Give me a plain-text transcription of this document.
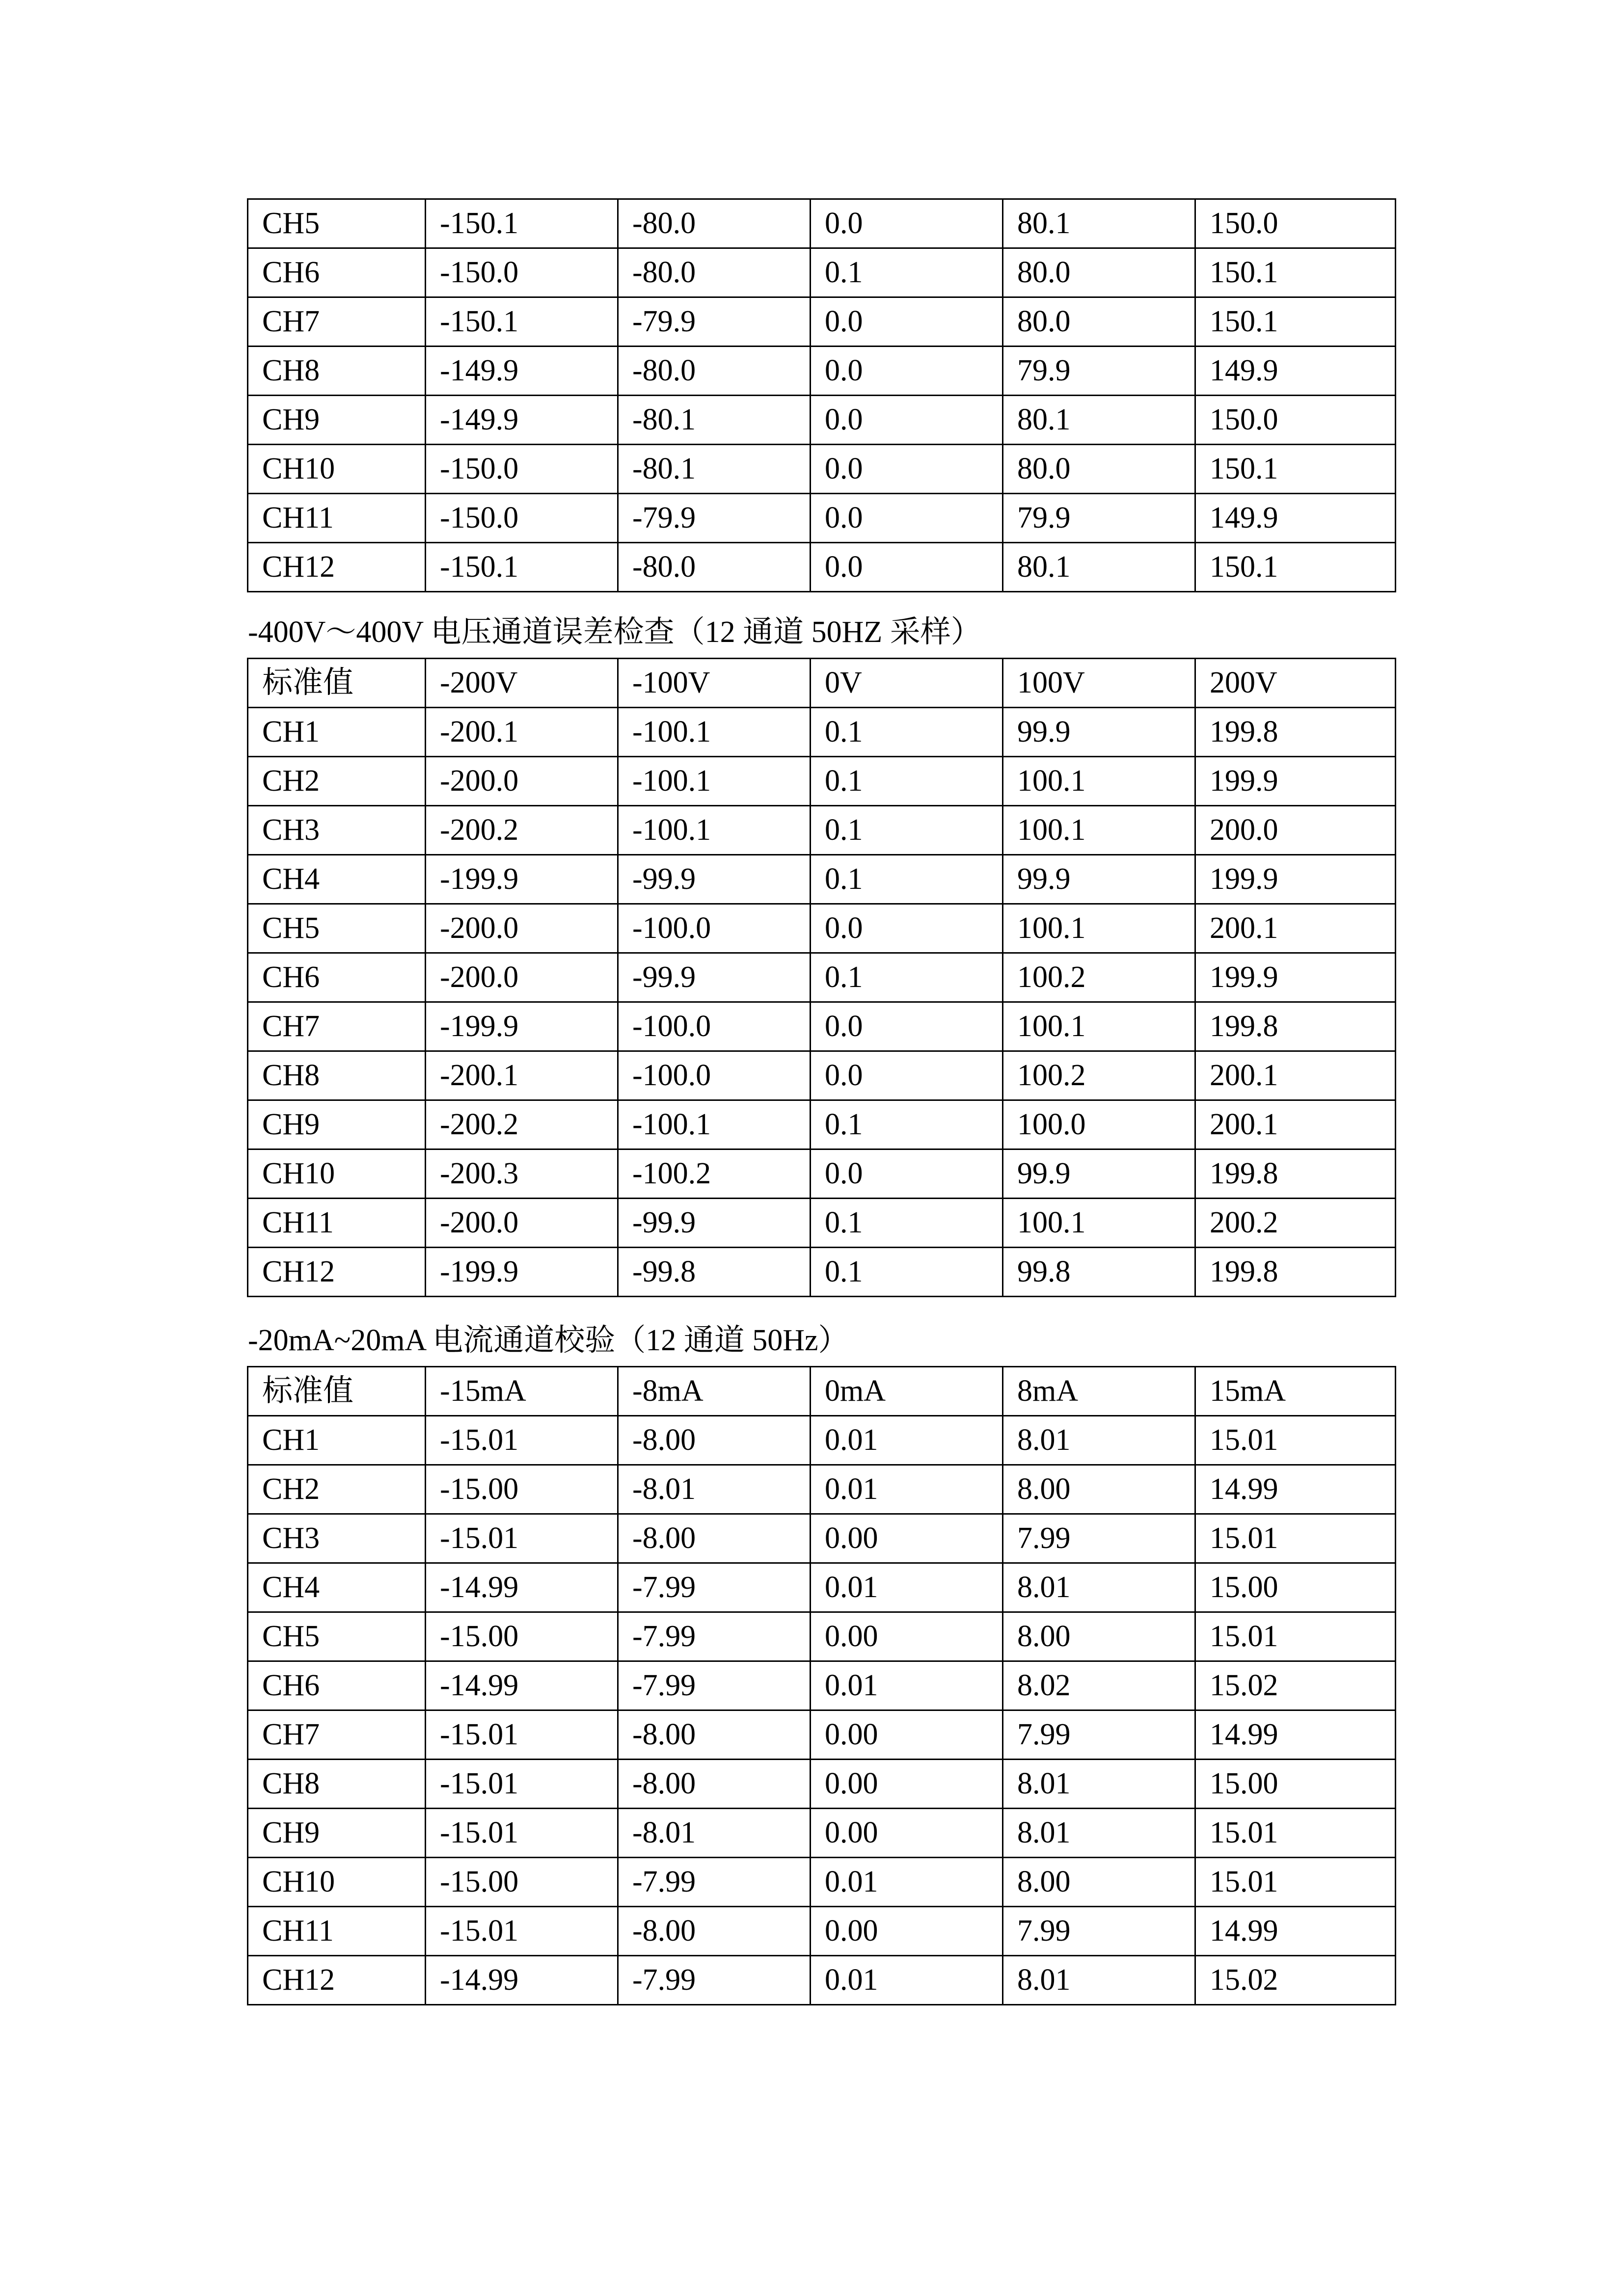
CH5	-150.1	-80.0	0.0	80.1	150.0
CH6	-150.0	-80.0	0.1	80.0	150.1
CH7	-150.1	-79.9	0.0	80.0	150.1
CH8	-149.9	-80.0	0.0	79.9	149.9
CH9	-149.9	-80.1	0.0	80.1	150.0
CH10	-150.0	-80.1	0.0	80.0	150.1
CH11	-150.0	-79.9	0.0	79.9	149.9
CH12	-150.1	-80.0	0.0	80.1	150.1
-400V～400V 电压通道误差检查（12 通道 50HZ 采样）
标准值	-200V	-100V	0V	100V	200V
CH1	-200.1	-100.1	0.1	99.9	199.8
CH2	-200.0	-100.1	0.1	100.1	199.9
CH3	-200.2	-100.1	0.1	100.1	200.0
CH4	-199.9	-99.9	0.1	99.9	199.9
CH5	-200.0	-100.0	0.0	100.1	200.1
CH6	-200.0	-99.9	0.1	100.2	199.9
CH7	-199.9	-100.0	0.0	100.1	199.8
CH8	-200.1	-100.0	0.0	100.2	200.1
CH9	-200.2	-100.1	0.1	100.0	200.1
CH10	-200.3	-100.2	0.0	99.9	199.8
CH11	-200.0	-99.9	0.1	100.1	200.2
CH12	-199.9	-99.8	0.1	99.8	199.8
-20mA~20mA 电流通道校验（12 通道 50Hz）
标准值	-15mA	-8mA	0mA	8mA	15mA
CH1	-15.01	-8.00	0.01	8.01	15.01
CH2	-15.00	-8.01	0.01	8.00	14.99
CH3	-15.01	-8.00	0.00	7.99	15.01
CH4	-14.99	-7.99	0.01	8.01	15.00
CH5	-15.00	-7.99	0.00	8.00	15.01
CH6	-14.99	-7.99	0.01	8.02	15.02
CH7	-15.01	-8.00	0.00	7.99	14.99
CH8	-15.01	-8.00	0.00	8.01	15.00
CH9	-15.01	-8.01	0.00	8.01	15.01
CH10	-15.00	-7.99	0.01	8.00	15.01
CH11	-15.01	-8.00	0.00	7.99	14.99
CH12	-14.99	-7.99	0.01	8.01	15.02
